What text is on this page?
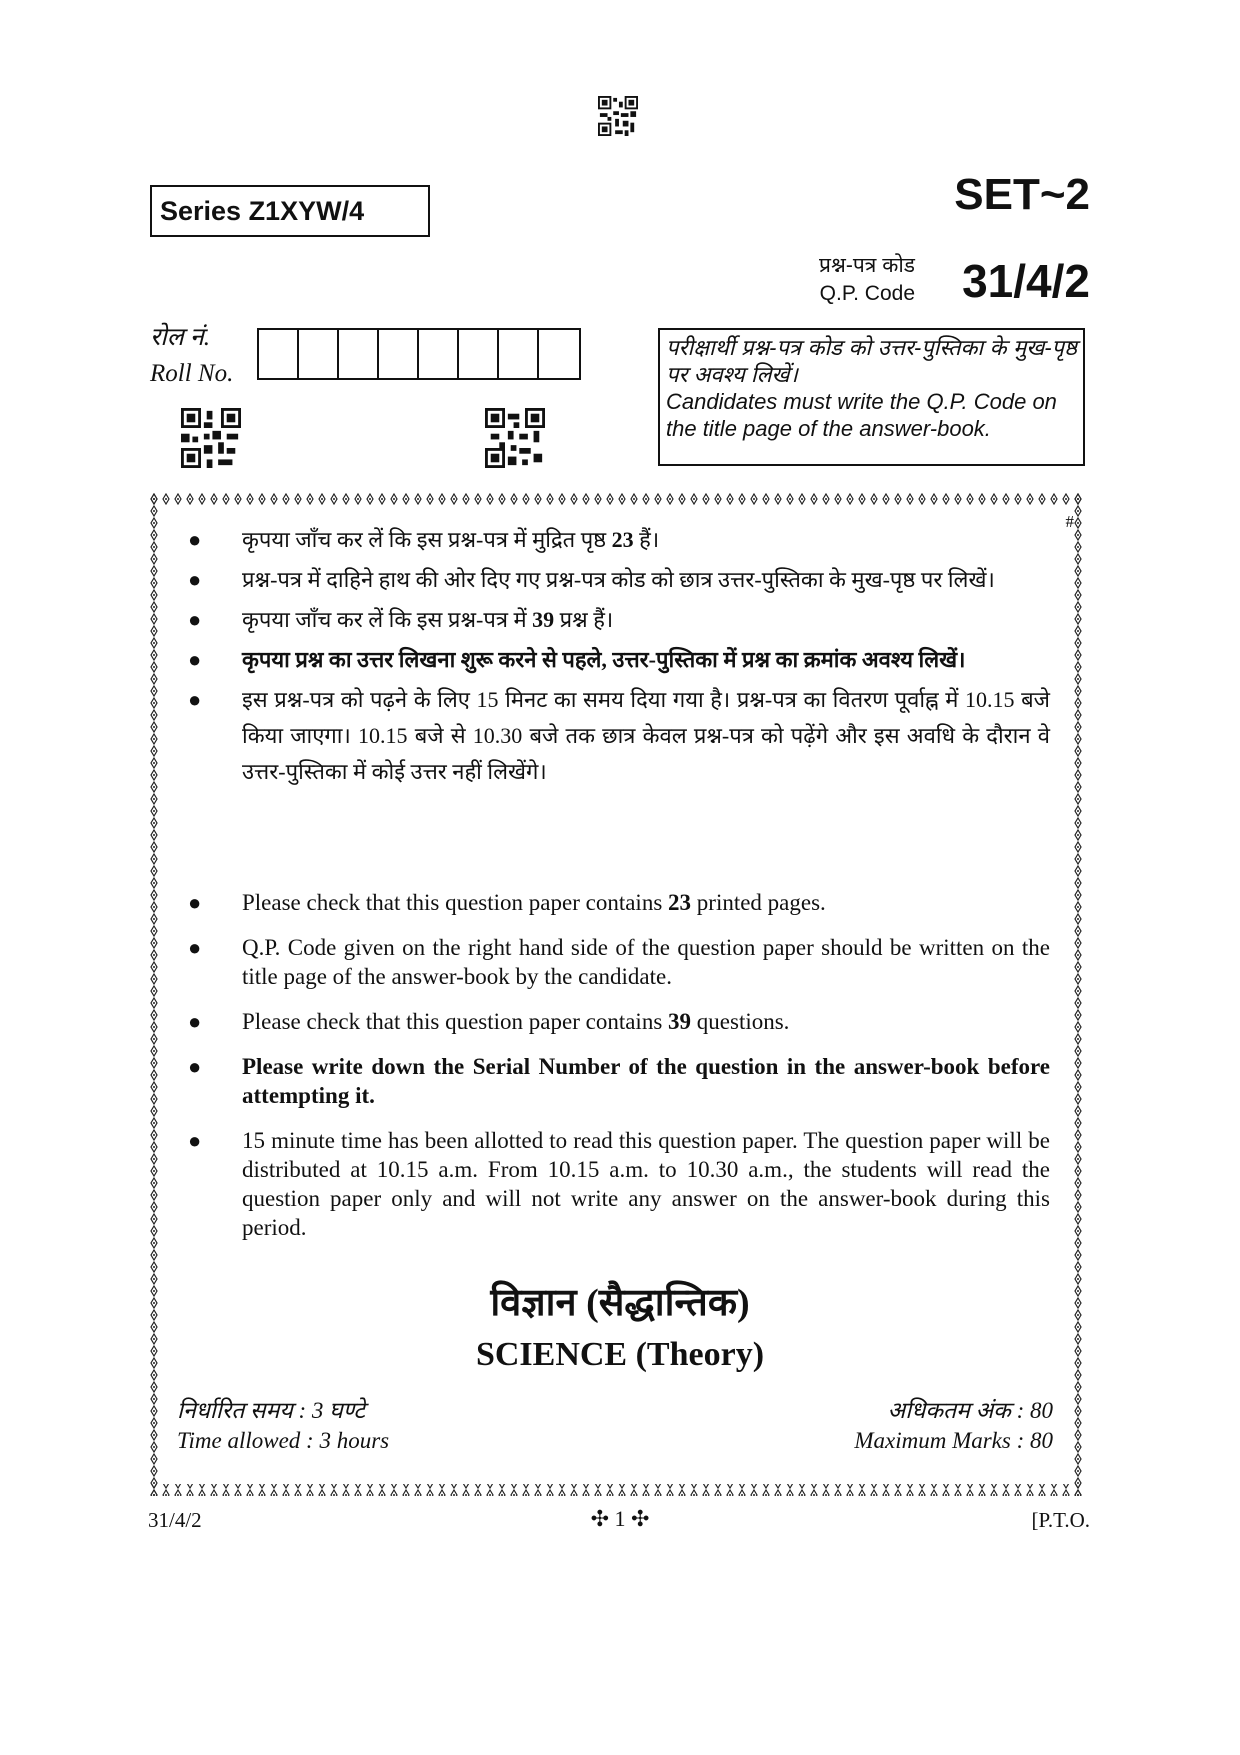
Series Z1XYW/4	SET~2
प्रश्न-पत्र कोड
Q.P. Code 31/4/2
रोल नं.
Roll No.
परीक्षार्थी प्रश्न-पत्र कोड को उत्तर-पुस्तिका के मुख-पृष्ठ पर अवश्य लिखें।
Candidates must write the Q.P. Code on the title page of the answer-book.
#
● कृपया जाँच कर लें कि इस प्रश्न-पत्र में मुद्रित पृष्ठ 23 हैं।
● प्रश्न-पत्र में दाहिने हाथ की ओर दिए गए प्रश्न-पत्र कोड को छात्र उत्तर-पुस्तिका के मुख-पृष्ठ पर लिखें।
● कृपया जाँच कर लें कि इस प्रश्न-पत्र में 39 प्रश्न हैं।
● कृपया प्रश्न का उत्तर लिखना शुरू करने से पहले, उत्तर-पुस्तिका में प्रश्न का क्रमांक अवश्य लिखें।
● इस प्रश्न-पत्र को पढ़ने के लिए 15 मिनट का समय दिया गया है। प्रश्न-पत्र का वितरण पूर्वाह्न में 10.15 बजे किया जाएगा। 10.15 बजे से 10.30 बजे तक छात्र केवल प्रश्न-पत्र को पढ़ेंगे और इस अवधि के दौरान वे उत्तर-पुस्तिका में कोई उत्तर नहीं लिखेंगे।
● Please check that this question paper contains 23 printed pages.
● Q.P. Code given on the right hand side of the question paper should be written on the title page of the answer-book by the candidate.
● Please check that this question paper contains 39 questions.
● Please write down the Serial Number of the question in the answer-book before attempting it.
● 15 minute time has been allotted to read this question paper. The question paper will be distributed at 10.15 a.m. From 10.15 a.m. to 10.30 a.m., the students will read the question paper only and will not write any answer on the answer-book during this period.
विज्ञान (सैद्धान्तिक)
SCIENCE (Theory)
निर्धारित समय : 3 घण्टे
Time allowed : 3 hours
अधिकतम अंक : 80
Maximum Marks : 80
31/4/2	✣ 1 ✣	[P.T.O.
